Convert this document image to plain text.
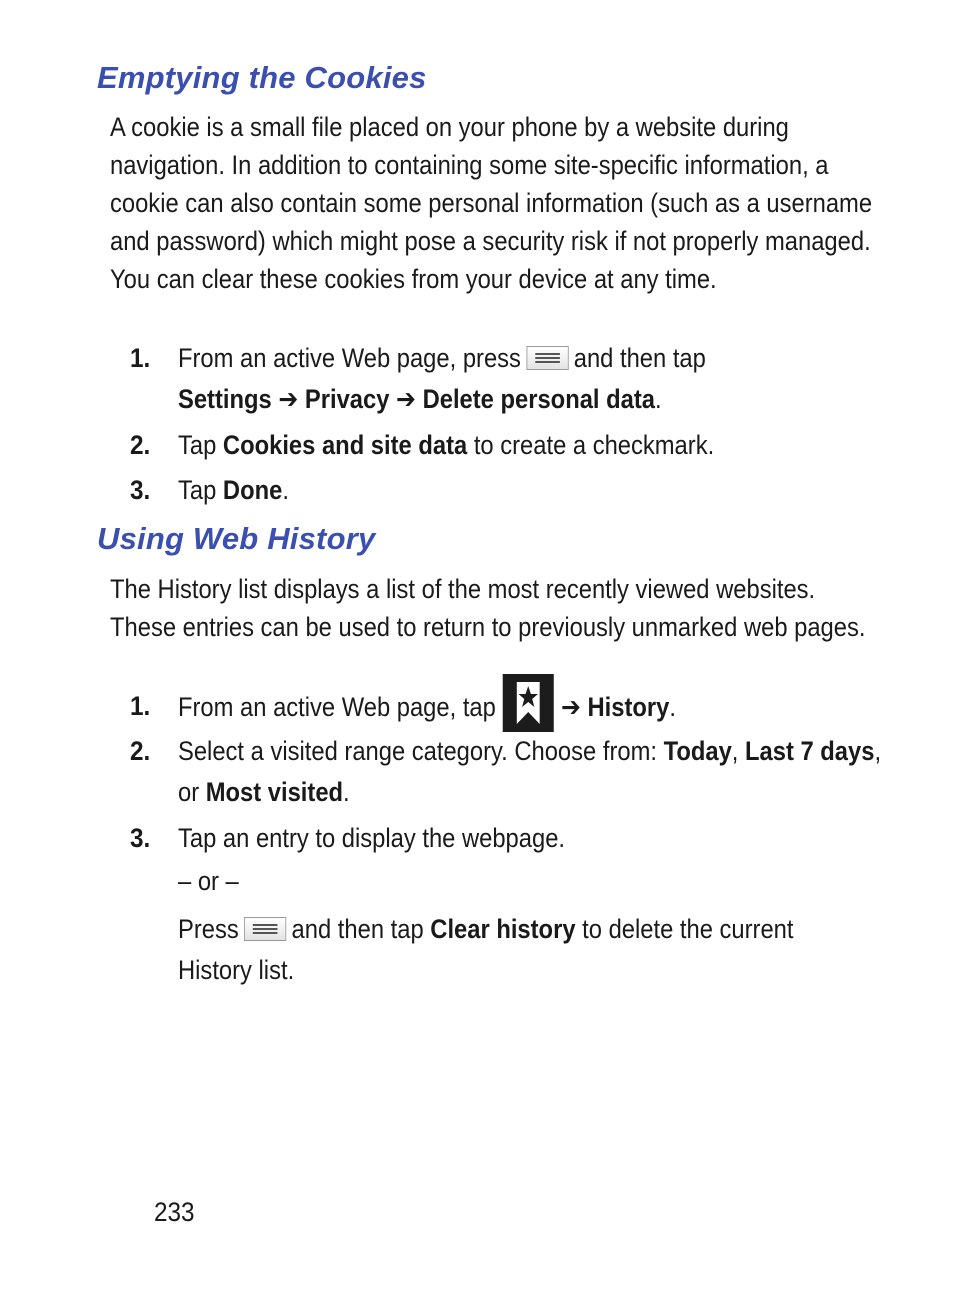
Emptying the Cookies

A cookie is a small file placed on your phone by a website during navigation. In addition to containing some site-specific information, a cookie can also contain some personal information (such as a username and password) which might pose a security risk if not properly managed. You can clear these cookies from your device at any time.

1. From an active Web page, press and then tap
Settings ➔ Privacy ➔ Delete personal data.
2. Tap Cookies and site data to create a checkmark.
3. Tap Done.
Using Web History

The History list displays a list of the most recently viewed websites. These entries can be used to return to previously unmarked web pages.

1. From an active Web page, tap ➔ History.
2. Select a visited range category. Choose from: Today, Last 7 days, or Most visited.
3. Tap an entry to display the webpage.
– or –
Press and then tap Clear history to delete the current History list.
233
